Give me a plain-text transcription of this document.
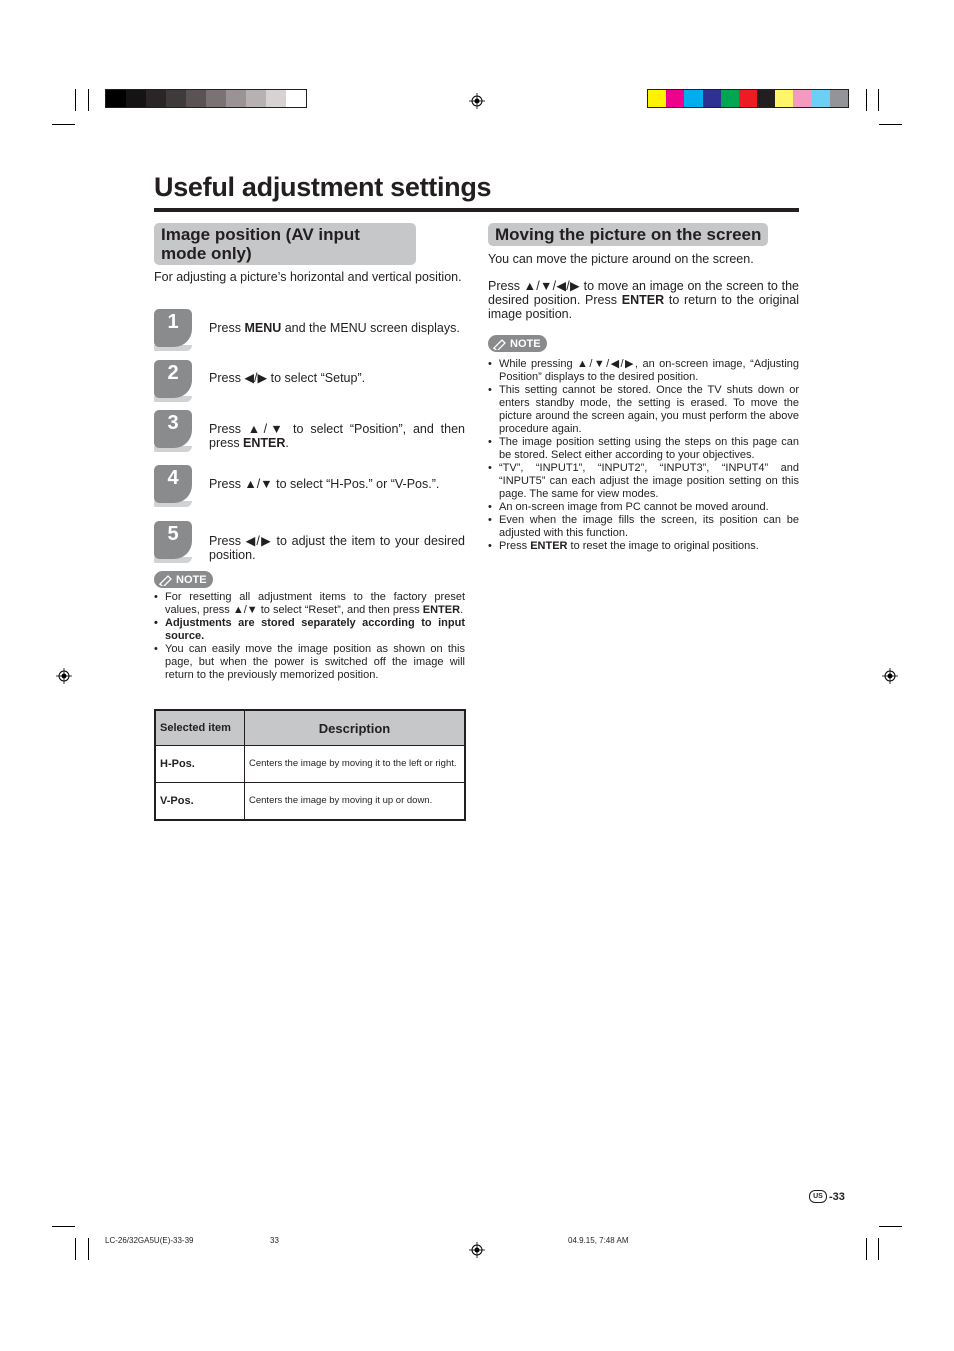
Useful adjustment settings
Image position (AV input mode only)
For adjusting a picture’s horizontal and vertical position.
1	Press MENU and the MENU screen displays.
2	Press ◀/▶ to select “Setup”.
3	Press ▲/▼ to select “Position”, and then press ENTER.
4	Press ▲/▼ to select “H-Pos.” or “V-Pos.”.
5	Press ◀/▶ to adjust the item to your desired position.
NOTE
• For resetting all adjustment items to the factory preset values, press ▲/▼ to select “Reset”, and then press ENTER.
• Adjustments are stored separately according to input source.
• You can easily move the image position as shown on this page, but when the power is switched off the image will return to the previously memorized position.
Selected item	Description
H-Pos.	Centers the image by moving it to the left or right.
V-Pos.	Centers the image by moving it up or down.
Moving the picture on the screen
You can move the picture around on the screen.
Press ▲/▼/◀/▶ to move an image on the screen to the desired position. Press ENTER to return to the original image position.
NOTE
• While pressing ▲/▼/◀/▶, an on-screen image, “Adjusting Position” displays to the desired position.
• This setting cannot be stored. Once the TV shuts down or enters standby mode, the setting is erased. To move the picture around the screen again, you must perform the above procedure again.
• The image position setting using the steps on this page can be stored. Select either according to your objectives.
• “TV”, “INPUT1”, “INPUT2”, “INPUT3”, “INPUT4” and “INPUT5” can each adjust the image position setting on this page. The same for view modes.
• An on-screen image from PC cannot be moved around.
• Even when the image fills the screen, its position can be adjusted with this function.
• Press ENTER to reset the image to original positions.
US -33
LC-26/32GA5U(E)-33-39	33	04.9.15, 7:48 AM
